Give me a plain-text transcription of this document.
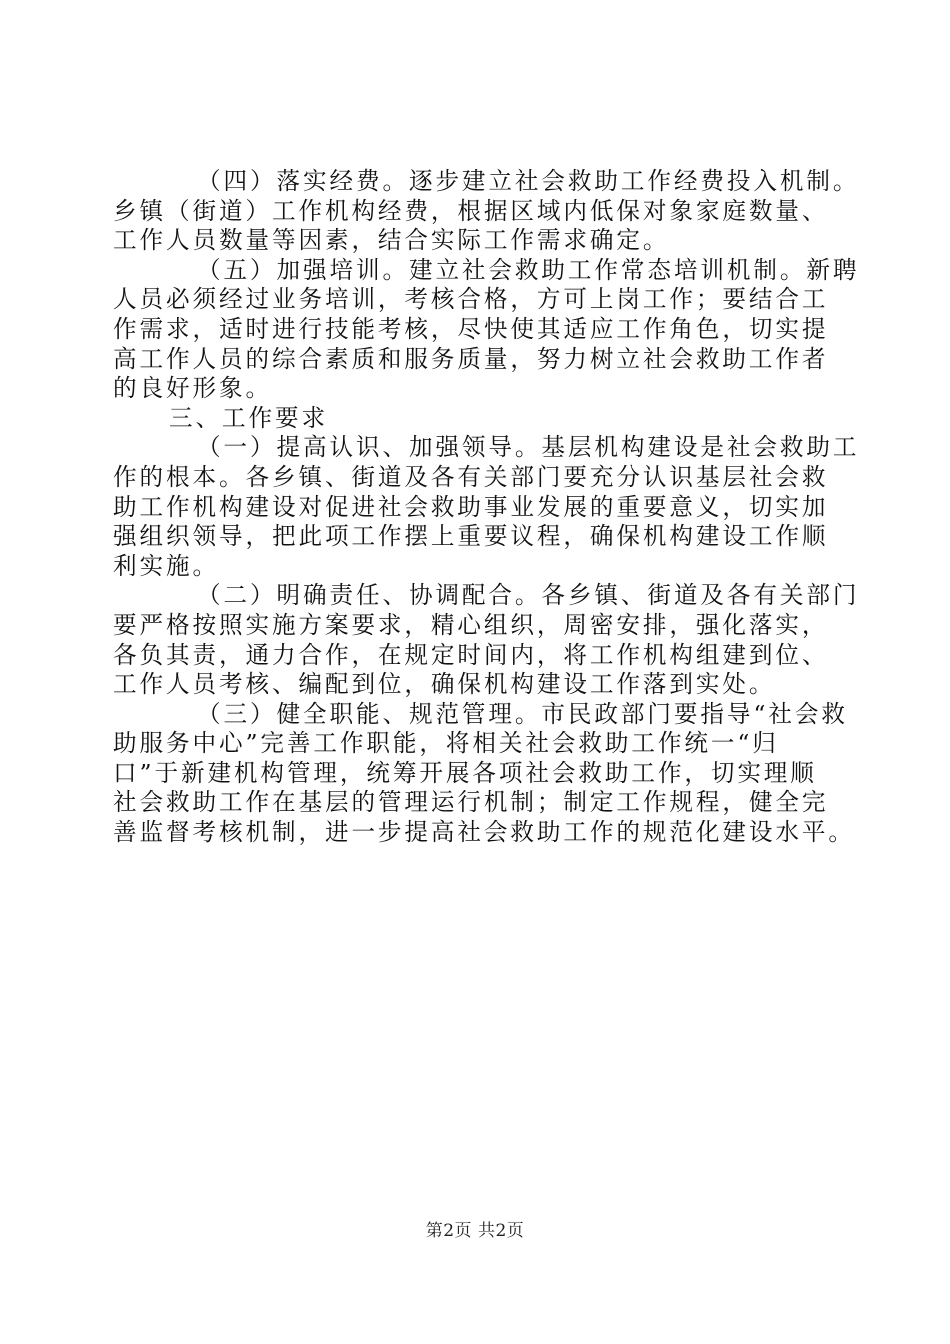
（四）落实经费。逐步建立社会救助工作经费投入机制。
乡镇（街道）工作机构经费，根据区域内低保对象家庭数量、
工作人员数量等因素，结合实际工作需求确定。
（五）加强培训。建立社会救助工作常态培训机制。新聘
人员必须经过业务培训，考核合格，方可上岗工作；要结合工
作需求，适时进行技能考核，尽快使其适应工作角色，切实提
高工作人员的综合素质和服务质量，努力树立社会救助工作者
的良好形象。
三、工作要求
（一）提高认识、加强领导。基层机构建设是社会救助工
作的根本。各乡镇、街道及各有关部门要充分认识基层社会救
助工作机构建设对促进社会救助事业发展的重要意义，切实加
强组织领导，把此项工作摆上重要议程，确保机构建设工作顺
利实施。
（二）明确责任、协调配合。各乡镇、街道及各有关部门
要严格按照实施方案要求，精心组织，周密安排，强化落实，
各负其责，通力合作，在规定时间内，将工作机构组建到位、
工作人员考核、编配到位，确保机构建设工作落到实处。
（三）健全职能、规范管理。市民政部门要指导“社会救
助服务中心”完善工作职能，将相关社会救助工作统一“归
口”于新建机构管理，统筹开展各项社会救助工作，切实理顺
社会救助工作在基层的管理运行机制；制定工作规程，健全完
善监督考核机制，进一步提高社会救助工作的规范化建设水平。
第2页 共2页
